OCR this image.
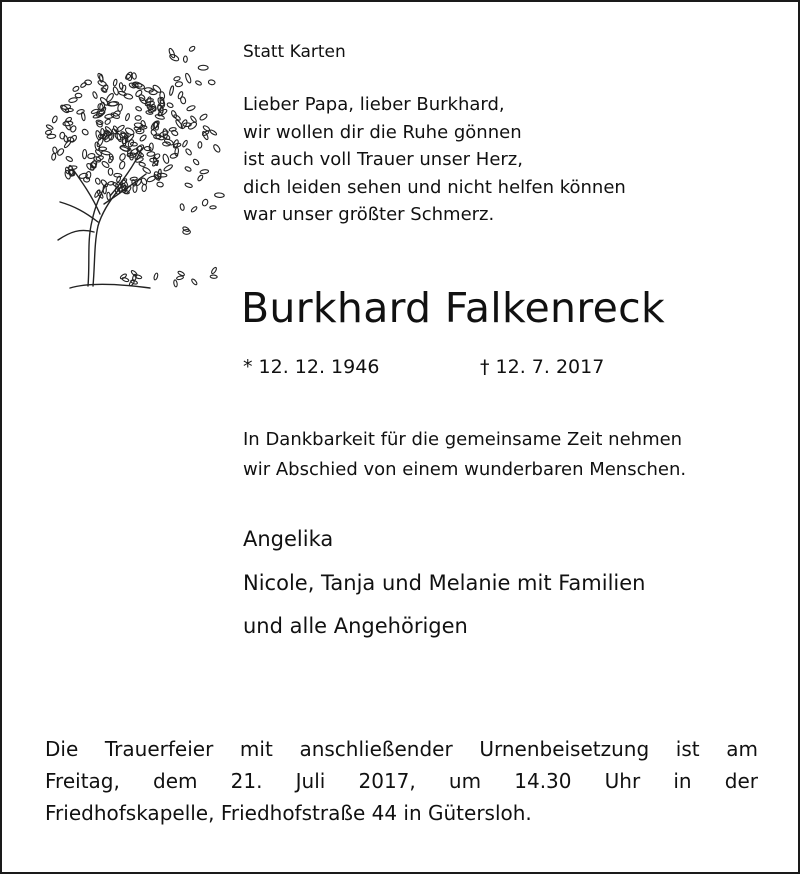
Statt Karten
Lieber Papa, lieber Burkhard,
wir wollen dir die Ruhe gönnen
ist auch voll Trauer unser Herz,
dich leiden sehen und nicht helfen können
war unser größter Schmerz.
Burkhard Falkenreck
* 12. 12. 1946	† 12. 7. 2017
In Dankbarkeit für die gemeinsame Zeit nehmen
wir Abschied von einem wunderbaren Menschen.
Angelika
Nicole, Tanja und Melanie mit Familien
und alle Angehörigen
Die Trauerfeier mit anschließender Urnenbeisetzung ist am
Freitag, dem 21. Juli 2017, um 14.30 Uhr in der
Friedhofskapelle, Friedhofstraße 44 in Gütersloh.
